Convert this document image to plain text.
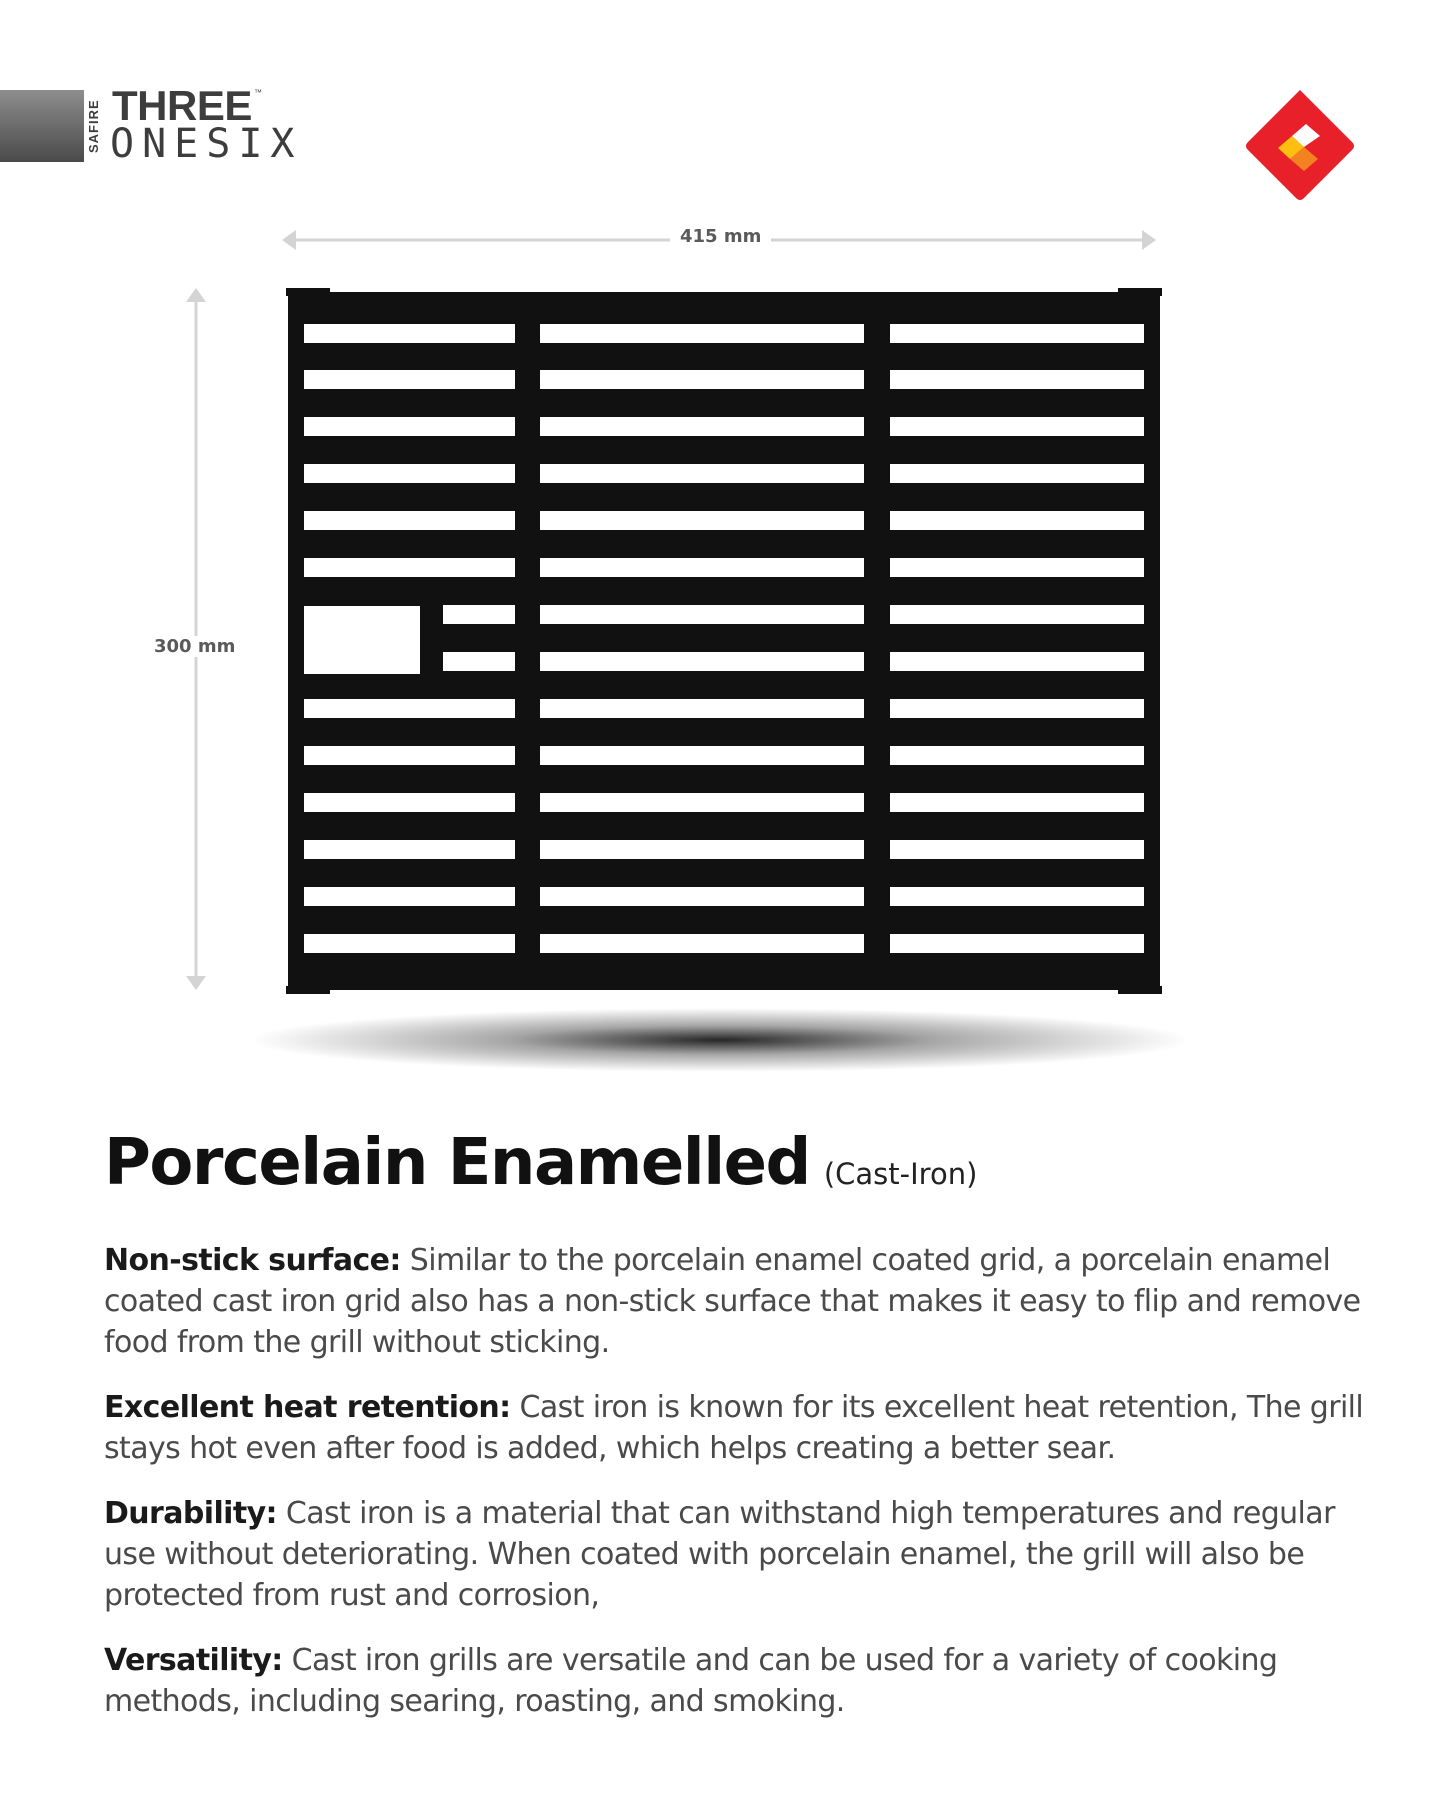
SAFIRE THREE ™
ONESIX
415 mm
300 mm
Porcelain Enamelled (Cast-Iron)

Non-stick surface: Similar to the porcelain enamel coated grid, a porcelain enamel coated cast iron grid also has a non-stick surface that makes it easy to flip and remove food from the grill without sticking.

Excellent heat retention: Cast iron is known for its excellent heat retention, The grill stays hot even after food is added, which helps creating a better sear.

Durability: Cast iron is a material that can withstand high temperatures and regular use without deteriorating. When coated with porcelain enamel, the grill will also be protected from rust and corrosion,

Versatility: Cast iron grills are versatile and can be used for a variety of cooking methods, including searing, roasting, and smoking.
